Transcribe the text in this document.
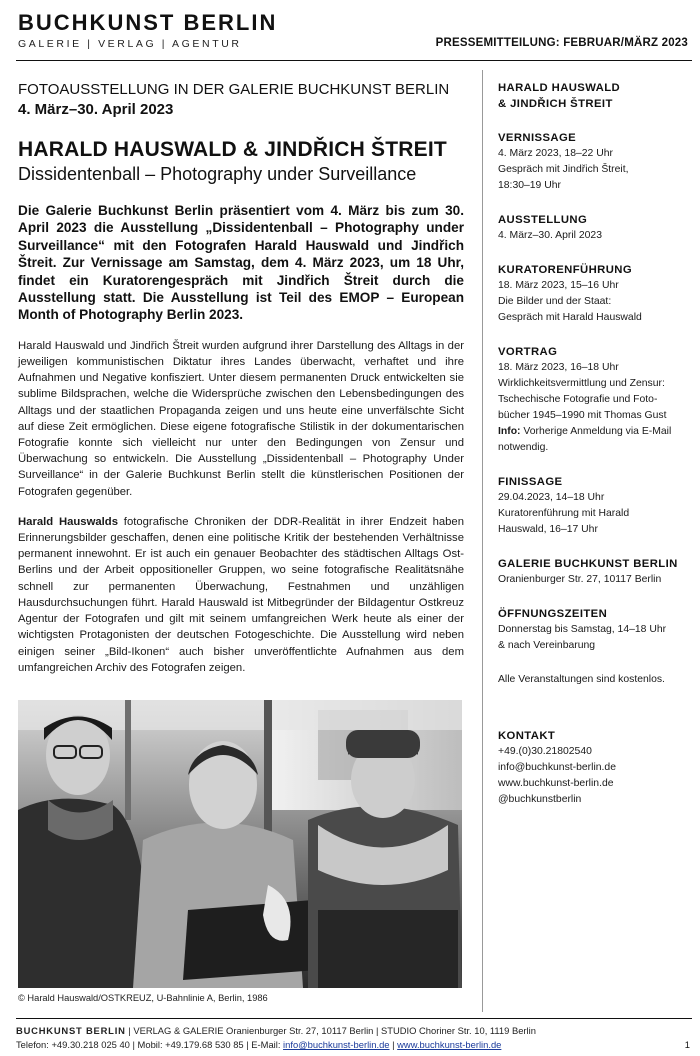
BUCHKUNST BERLIN
GALERIE | VERLAG | AGENTUR	PRESSEMITTEILUNG: FEBRUAR/MÄRZ 2023
FOTOAUSSTELLUNG IN DER GALERIE BUCHKUNST BERLIN
4. März–30. April 2023
HARALD HAUSWALD & JINDŘICH ŠTREIT
Dissidentenball – Photography under Surveillance

Die Galerie Buchkunst Berlin präsentiert vom 4. März bis zum 30. April 2023 die Ausstellung „Dissidentenball – Photography under Surveillance“ mit den Fotografen Harald Hauswald und Jindřich Štreit. Zur Vernissage am Samstag, dem 4. März 2023, um 18 Uhr, findet ein Kuratorengespräch mit Jindřich Štreit durch die Ausstellung statt. Die Ausstellung ist Teil des EMOP – European Month of Photography Berlin 2023.

Harald Hauswald und Jindřich Štreit wurden aufgrund ihrer Darstellung des Alltags in der jeweiligen kommunistischen Diktatur ihres Landes überwacht, verhaftet und ihre Aufnahmen und Negative konfisziert. Unter diesem permanenten Druck entwickelten sie sublime Bildsprachen, welche die Widersprüche zwischen den Lebensbedingungen des Alltags und der staatlichen Propaganda zeigen und uns heute eine unverfälschte Sicht auf diese Zeit ermöglichen. Diese eigene fotografische Stilistik in der dokumentarischen Fotografie konnte sich vielleicht nur unter den Bedingungen von Zensur und Überwachung so entwickeln. Die Ausstellung „Dissidentenball – Photography Under Surveillance“ in der Galerie Buchkunst Berlin stellt die künstlerischen Positionen der Fotografen gegenüber.

Harald Hauswalds fotografische Chroniken der DDR-Realität in ihrer Endzeit haben Erinnerungsbilder geschaffen, denen eine politische Kritik der bestehenden Verhältnisse permanent innewohnt. Er ist auch ein genauer Beobachter des städtischen Alltags Ost-Berlins und der Arbeit oppositioneller Gruppen, wo seine fotografische Realitätsnähe schnell zur permanenten Überwachung, Festnahmen und unzähligen Hausdurchsuchungen führt. Harald Hauswald ist Mitbegründer der Bildagentur Ostkreuz Agentur der Fotografen und gilt mit seinem umfangreichen Werk heute als einer der wichtigsten Protagonisten der deutschen Fotogeschichte. Die Ausstellung wird neben einigen seiner „Bild-Ikonen“ auch bisher unveröffentlichte Aufnahmen aus dem umfangreichen Archiv des Fotografen zeigen.

© Harald Hauswald/OSTKREUZ, U-Bahnlinie A, Berlin, 1986
HARALD HAUSWALD
& JINDŘICH ŠTREIT
VERNISSAGE
4. März 2023, 18–22 Uhr
Gespräch mit Jindřich Štreit,
18:30–19 Uhr
AUSSTELLUNG
4. März–30. April 2023
KURATORENFÜHRUNG
18. März 2023, 15–16 Uhr
Die Bilder und der Staat:
Gespräch mit Harald Hauswald
VORTRAG
18. März 2023, 16–18 Uhr
Wirklichkeitsvermittlung und Zensur:
Tschechische Fotografie und Foto-
bücher 1945–1990 mit Thomas Gust
Info: Vorherige Anmeldung via E-Mail
notwendig.
FINISSAGE
29.04.2023, 14–18 Uhr
Kuratorenführung mit Harald
Hauswald, 16–17 Uhr
GALERIE BUCHKUNST BERLIN
Oranienburger Str. 27, 10117 Berlin
ÖFFNUNGSZEITEN
Donnerstag bis Samstag, 14–18 Uhr
& nach Vereinbarung
Alle Veranstaltungen sind kostenlos.
KONTAKT
+49.(0)30.21802540
info@buchkunst-berlin.de
www.buchkunst-berlin.de
@buchkunstberlin
BUCHKUNST BERLIN | VERLAG & GALERIE Oranienburger Str. 27, 10117 Berlin | STUDIO Choriner Str. 10, 1119 Berlin
Telefon: +49.30.218 025 40 | Mobil: +49.179.68 530 85 | E-Mail: info@buchkunst-berlin.de | www.buchkunst-berlin.de	1
